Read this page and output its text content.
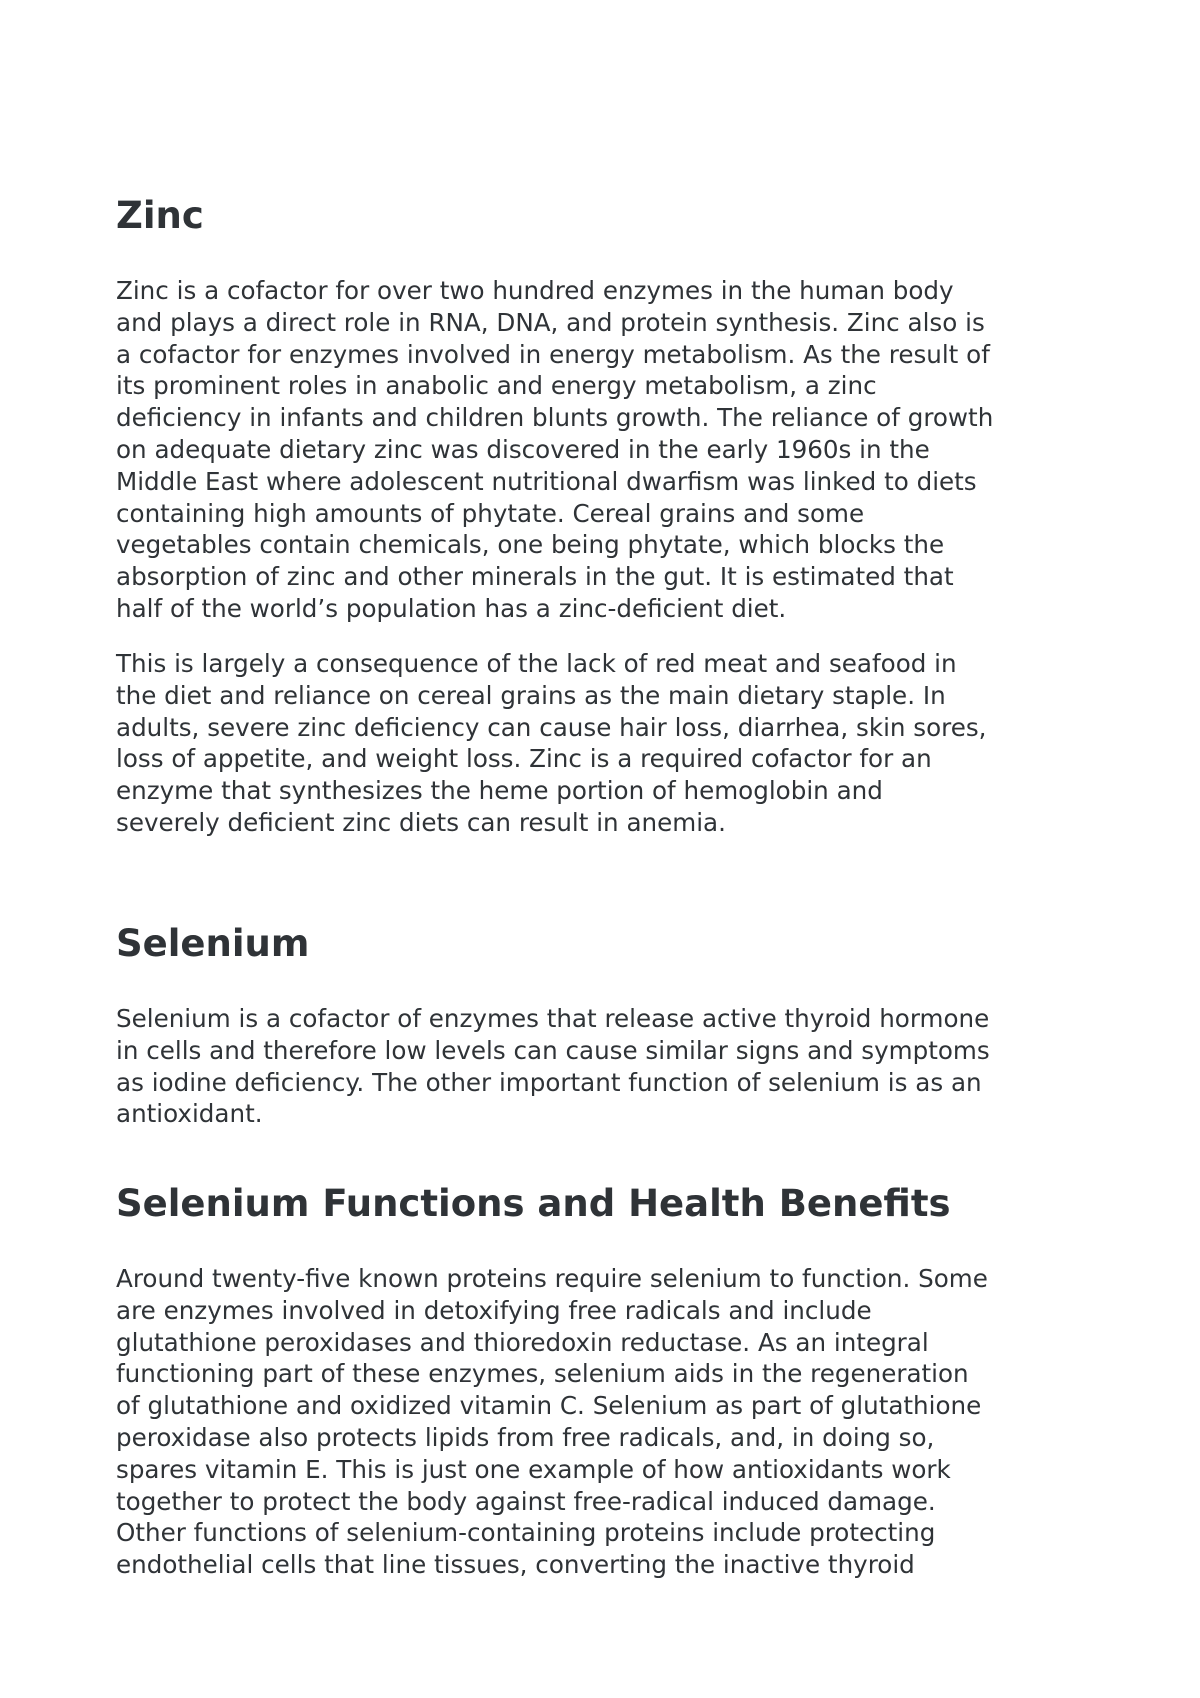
Zinc

Zinc is a cofactor for over two hundred enzymes in the human body
and plays a direct role in RNA, DNA, and protein synthesis. Zinc also is
a cofactor for enzymes involved in energy metabolism. As the result of
its prominent roles in anabolic and energy metabolism, a zinc
deficiency in infants and children blunts growth. The reliance of growth
on adequate dietary zinc was discovered in the early 1960s in the
Middle East where adolescent nutritional dwarfism was linked to diets
containing high amounts of phytate. Cereal grains and some
vegetables contain chemicals, one being phytate, which blocks the
absorption of zinc and other minerals in the gut. It is estimated that
half of the world’s population has a zinc-deficient diet.

This is largely a consequence of the lack of red meat and seafood in
the diet and reliance on cereal grains as the main dietary staple. In
adults, severe zinc deficiency can cause hair loss, diarrhea, skin sores,
loss of appetite, and weight loss. Zinc is a required cofactor for an
enzyme that synthesizes the heme portion of hemoglobin and
severely deficient zinc diets can result in anemia.

Selenium

Selenium is a cofactor of enzymes that release active thyroid hormone
in cells and therefore low levels can cause similar signs and symptoms
as iodine deficiency. The other important function of selenium is as an
antioxidant.

Selenium Functions and Health Benefits

Around twenty-five known proteins require selenium to function. Some
are enzymes involved in detoxifying free radicals and include
glutathione peroxidases and thioredoxin reductase. As an integral
functioning part of these enzymes, selenium aids in the regeneration
of glutathione and oxidized vitamin C. Selenium as part of glutathione
peroxidase also protects lipids from free radicals, and, in doing so,
spares vitamin E. This is just one example of how antioxidants work
together to protect the body against free-radical induced damage.
Other functions of selenium-containing proteins include protecting
endothelial cells that line tissues, converting the inactive thyroid
